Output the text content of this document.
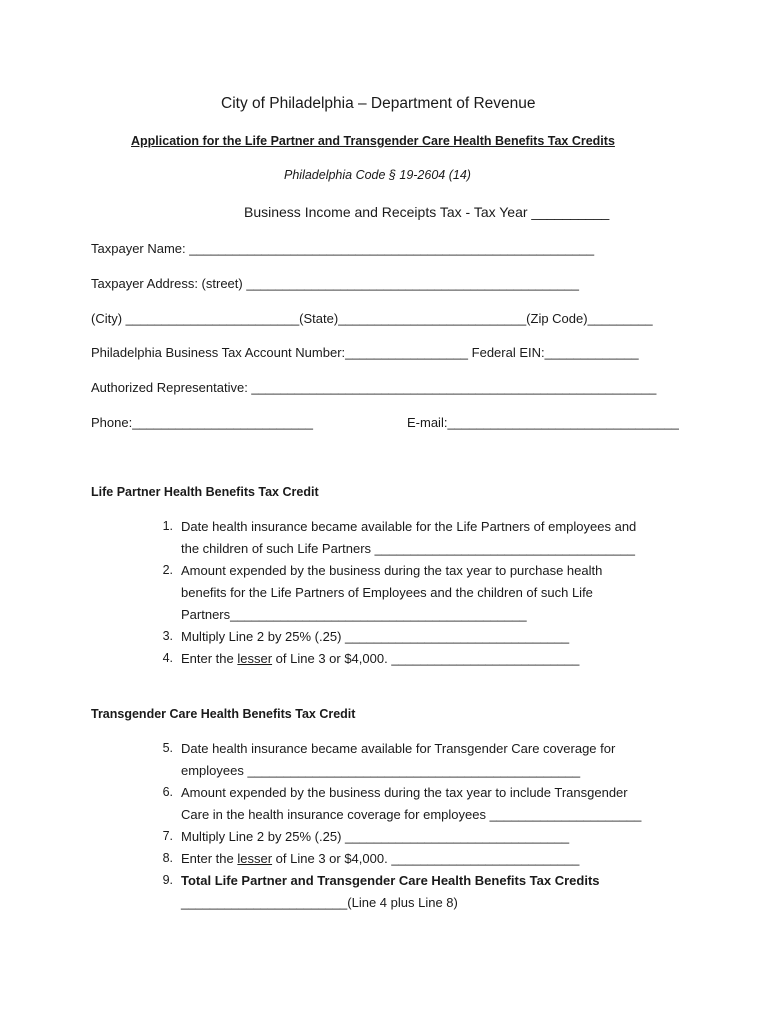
City of Philadelphia – Department of Revenue
Application for the Life Partner and Transgender Care Health Benefits Tax Credits
Philadelphia Code § 19-2604 (14)
Business Income and Receipts Tax - Tax Year __________
Taxpayer Name: ________________________________________________________
Taxpayer Address: (street) ______________________________________________
(City) ________________________(State)__________________________(Zip Code)_________
Philadelphia Business Tax Account Number:_________________ Federal EIN:_____________
Authorized Representative: ________________________________________________________
Phone:_________________________	E-mail:________________________________
Life Partner Health Benefits Tax Credit
1. Date health insurance became available for the Life Partners of employees and
the children of such Life Partners ____________________________________
2. Amount expended by the business during the tax year to purchase health
benefits for the Life Partners of Employees and the children of such Life
Partners_________________________________________
3. Multiply Line 2 by 25% (.25) _______________________________
4. Enter the lesser of Line 3 or $4,000. __________________________
Transgender Care Health Benefits Tax Credit
5. Date health insurance became available for Transgender Care coverage for
employees ______________________________________________
6. Amount expended by the business during the tax year to include Transgender
Care in the health insurance coverage for employees _____________________
7. Multiply Line 2 by 25% (.25) _______________________________
8. Enter the lesser of Line 3 or $4,000. __________________________
9. Total Life Partner and Transgender Care Health Benefits Tax Credits
_______________________(Line 4 plus Line 8)
